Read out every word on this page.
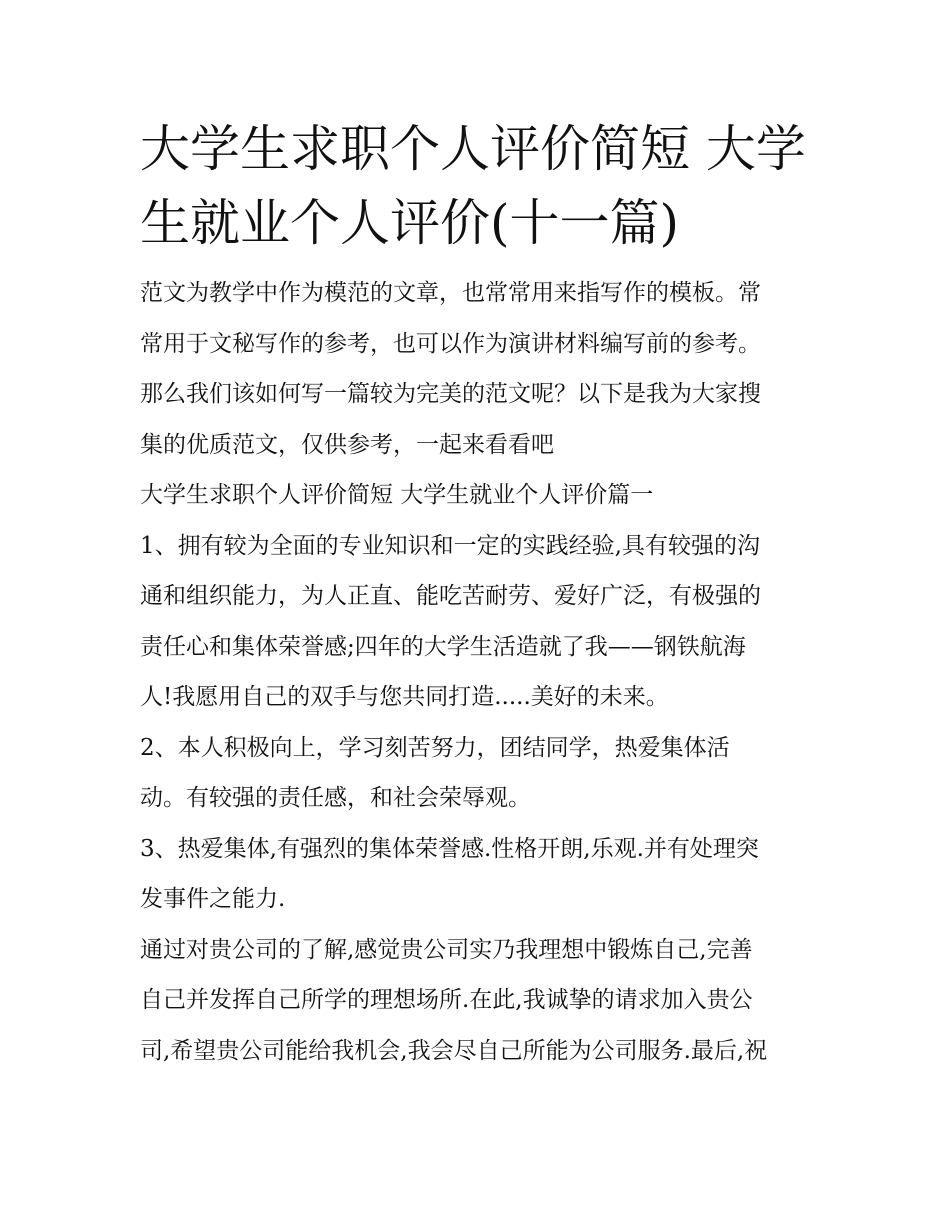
大学生求职个人评价简短 大学
生就业个人评价(十一篇)

范文为教学中作为模范的文章，也常常用来指写作的模板。常
常用于文秘写作的参考，也可以作为演讲材料编写前的参考。
那么我们该如何写一篇较为完美的范文呢？以下是我为大家搜
集的优质范文，仅供参考，一起来看看吧

大学生求职个人评价简短 大学生就业个人评价篇一

1、拥有较为全面的专业知识和一定的实践经验,具有较强的沟
通和组织能力，为人正直、能吃苦耐劳、爱好广泛，有极强的
责任心和集体荣誉感;四年的大学生活造就了我——钢铁航海
人!我愿用自己的双手与您共同打造.....美好的未来。

2、本人积极向上，学习刻苦努力，团结同学，热爱集体活
动。有较强的责任感，和社会荣辱观。

3、热爱集体,有强烈的集体荣誉感.性格开朗,乐观.并有处理突
发事件之能力.

通过对贵公司的了解,感觉贵公司实乃我理想中锻炼自己,完善
自己并发挥自己所学的理想场所.在此,我诚挚的请求加入贵公
司,希望贵公司能给我机会,我会尽自己所能为公司服务.最后,祝
